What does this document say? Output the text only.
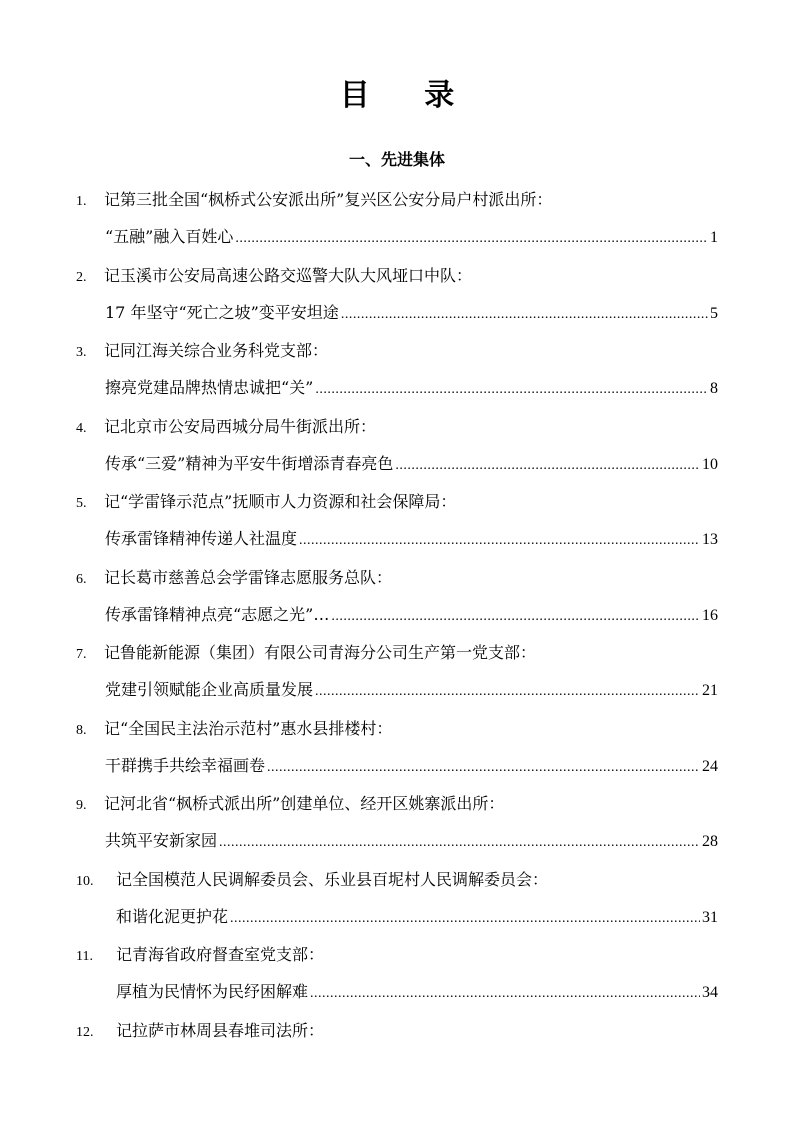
目 录
一、先进集体
1. 记第三批全国“枫桥式公安派出所”复兴区公安分局户村派出所：
“五融”融入百姓心 .....	1
2. 记玉溪市公安局高速公路交巡警大队大风垭口中队：
17 年坚守“死亡之坡”变平安坦途 .....	5
3. 记同江海关综合业务科党支部：
擦亮党建品牌热情忠诚把“关” .....	8
4. 记北京市公安局西城分局牛街派出所：
传承“三爱”精神为平安牛街增添青春亮色 .....	10
5. 记“学雷锋示范点”抚顺市人力资源和社会保障局：
传承雷锋精神传递人社温度 .....	13
6. 记长葛市慈善总会学雷锋志愿服务总队：
传承雷锋精神点亮“志愿之光”… .....	16
7. 记鲁能新能源（集团）有限公司青海分公司生产第一党支部：
党建引领赋能企业高质量发展 .....	21
8. 记“全国民主法治示范村”惠水县排楼村：
干群携手共绘幸福画卷 .....	24
9. 记河北省“枫桥式派出所”创建单位、经开区姚寨派出所：
共筑平安新家园 .....	28
10. 记全国模范人民调解委员会、乐业县百坭村人民调解委员会：
和谐化泥更护花 .....	31
11. 记青海省政府督查室党支部：
厚植为民情怀为民纾困解难 .....	34
12. 记拉萨市林周县春堆司法所：
